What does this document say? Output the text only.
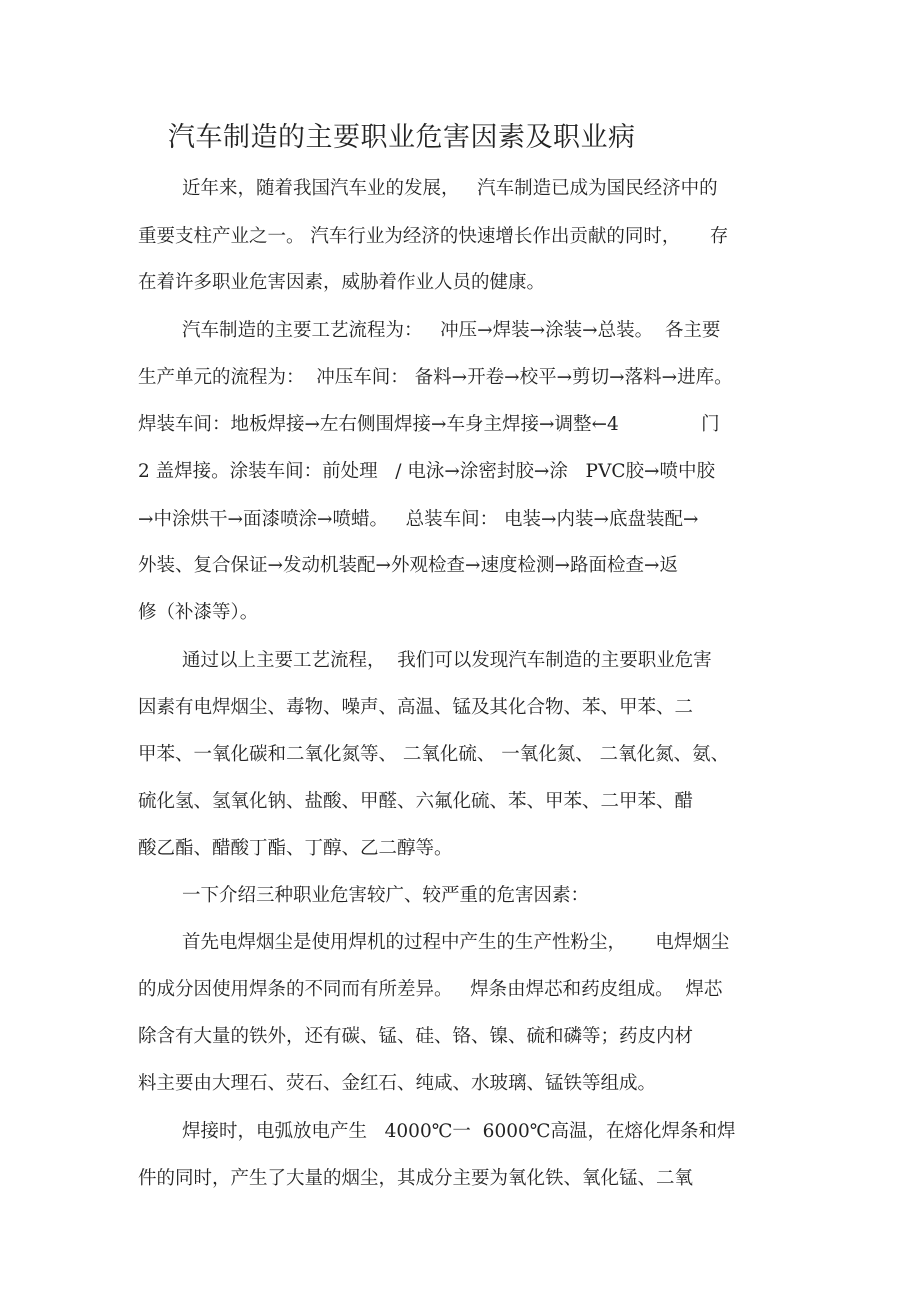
汽车制造的主要职业危害因素及职业病
近年来，随着我国汽车业的发展，   汽车制造已成为国民经济中的
重要支柱产业之一。 汽车行业为经济的快速增长作出贡献的同时，     存
在着许多职业危害因素，威胁着作业人员的健康。
汽车制造的主要工艺流程为：   冲压→焊装→涂装→总装。  各主要
生产单元的流程为：  冲压车间： 备料→开卷→校平→剪切→落料→进库。
焊装车间：地板焊接→左右侧围焊接→车身主焊接→调整←4              门
2 盖焊接。涂装车间：前处理   / 电泳→涂密封胶→涂   PVC胶→喷中胶
→中涂烘干→面漆喷涂→喷蜡。   总装车间： 电装→内装→底盘装配→
外装、复合保证→发动机装配→外观检查→速度检测→路面检查→返
修（补漆等）。
通过以上主要工艺流程，  我们可以发现汽车制造的主要职业危害
因素有电焊烟尘、毒物、噪声、高温、锰及其化合物、苯、甲苯、二
甲苯、一氧化碳和二氧化氮等、 二氧化硫、 一氧化氮、 二氧化氮、氨、
硫化氢、氢氧化钠、盐酸、甲醛、六氟化硫、苯、甲苯、二甲苯、醋
酸乙酯、醋酸丁酯、丁醇、乙二醇等。
一下介绍三种职业危害较广、较严重的危害因素：
首先电焊烟尘是使用焊机的过程中产生的生产性粉尘，     电焊烟尘
的成分因使用焊条的不同而有所差异。   焊条由焊芯和药皮组成。  焊芯
除含有大量的铁外，还有碳、锰、硅、铬、镍、硫和磷等；药皮内材
料主要由大理石、荧石、金红石、纯咸、水玻璃、锰铁等组成。
焊接时，电弧放电产生   4000℃一  6000℃高温，在熔化焊条和焊
件的同时，产生了大量的烟尘，其成分主要为氧化铁、氧化锰、二氧
